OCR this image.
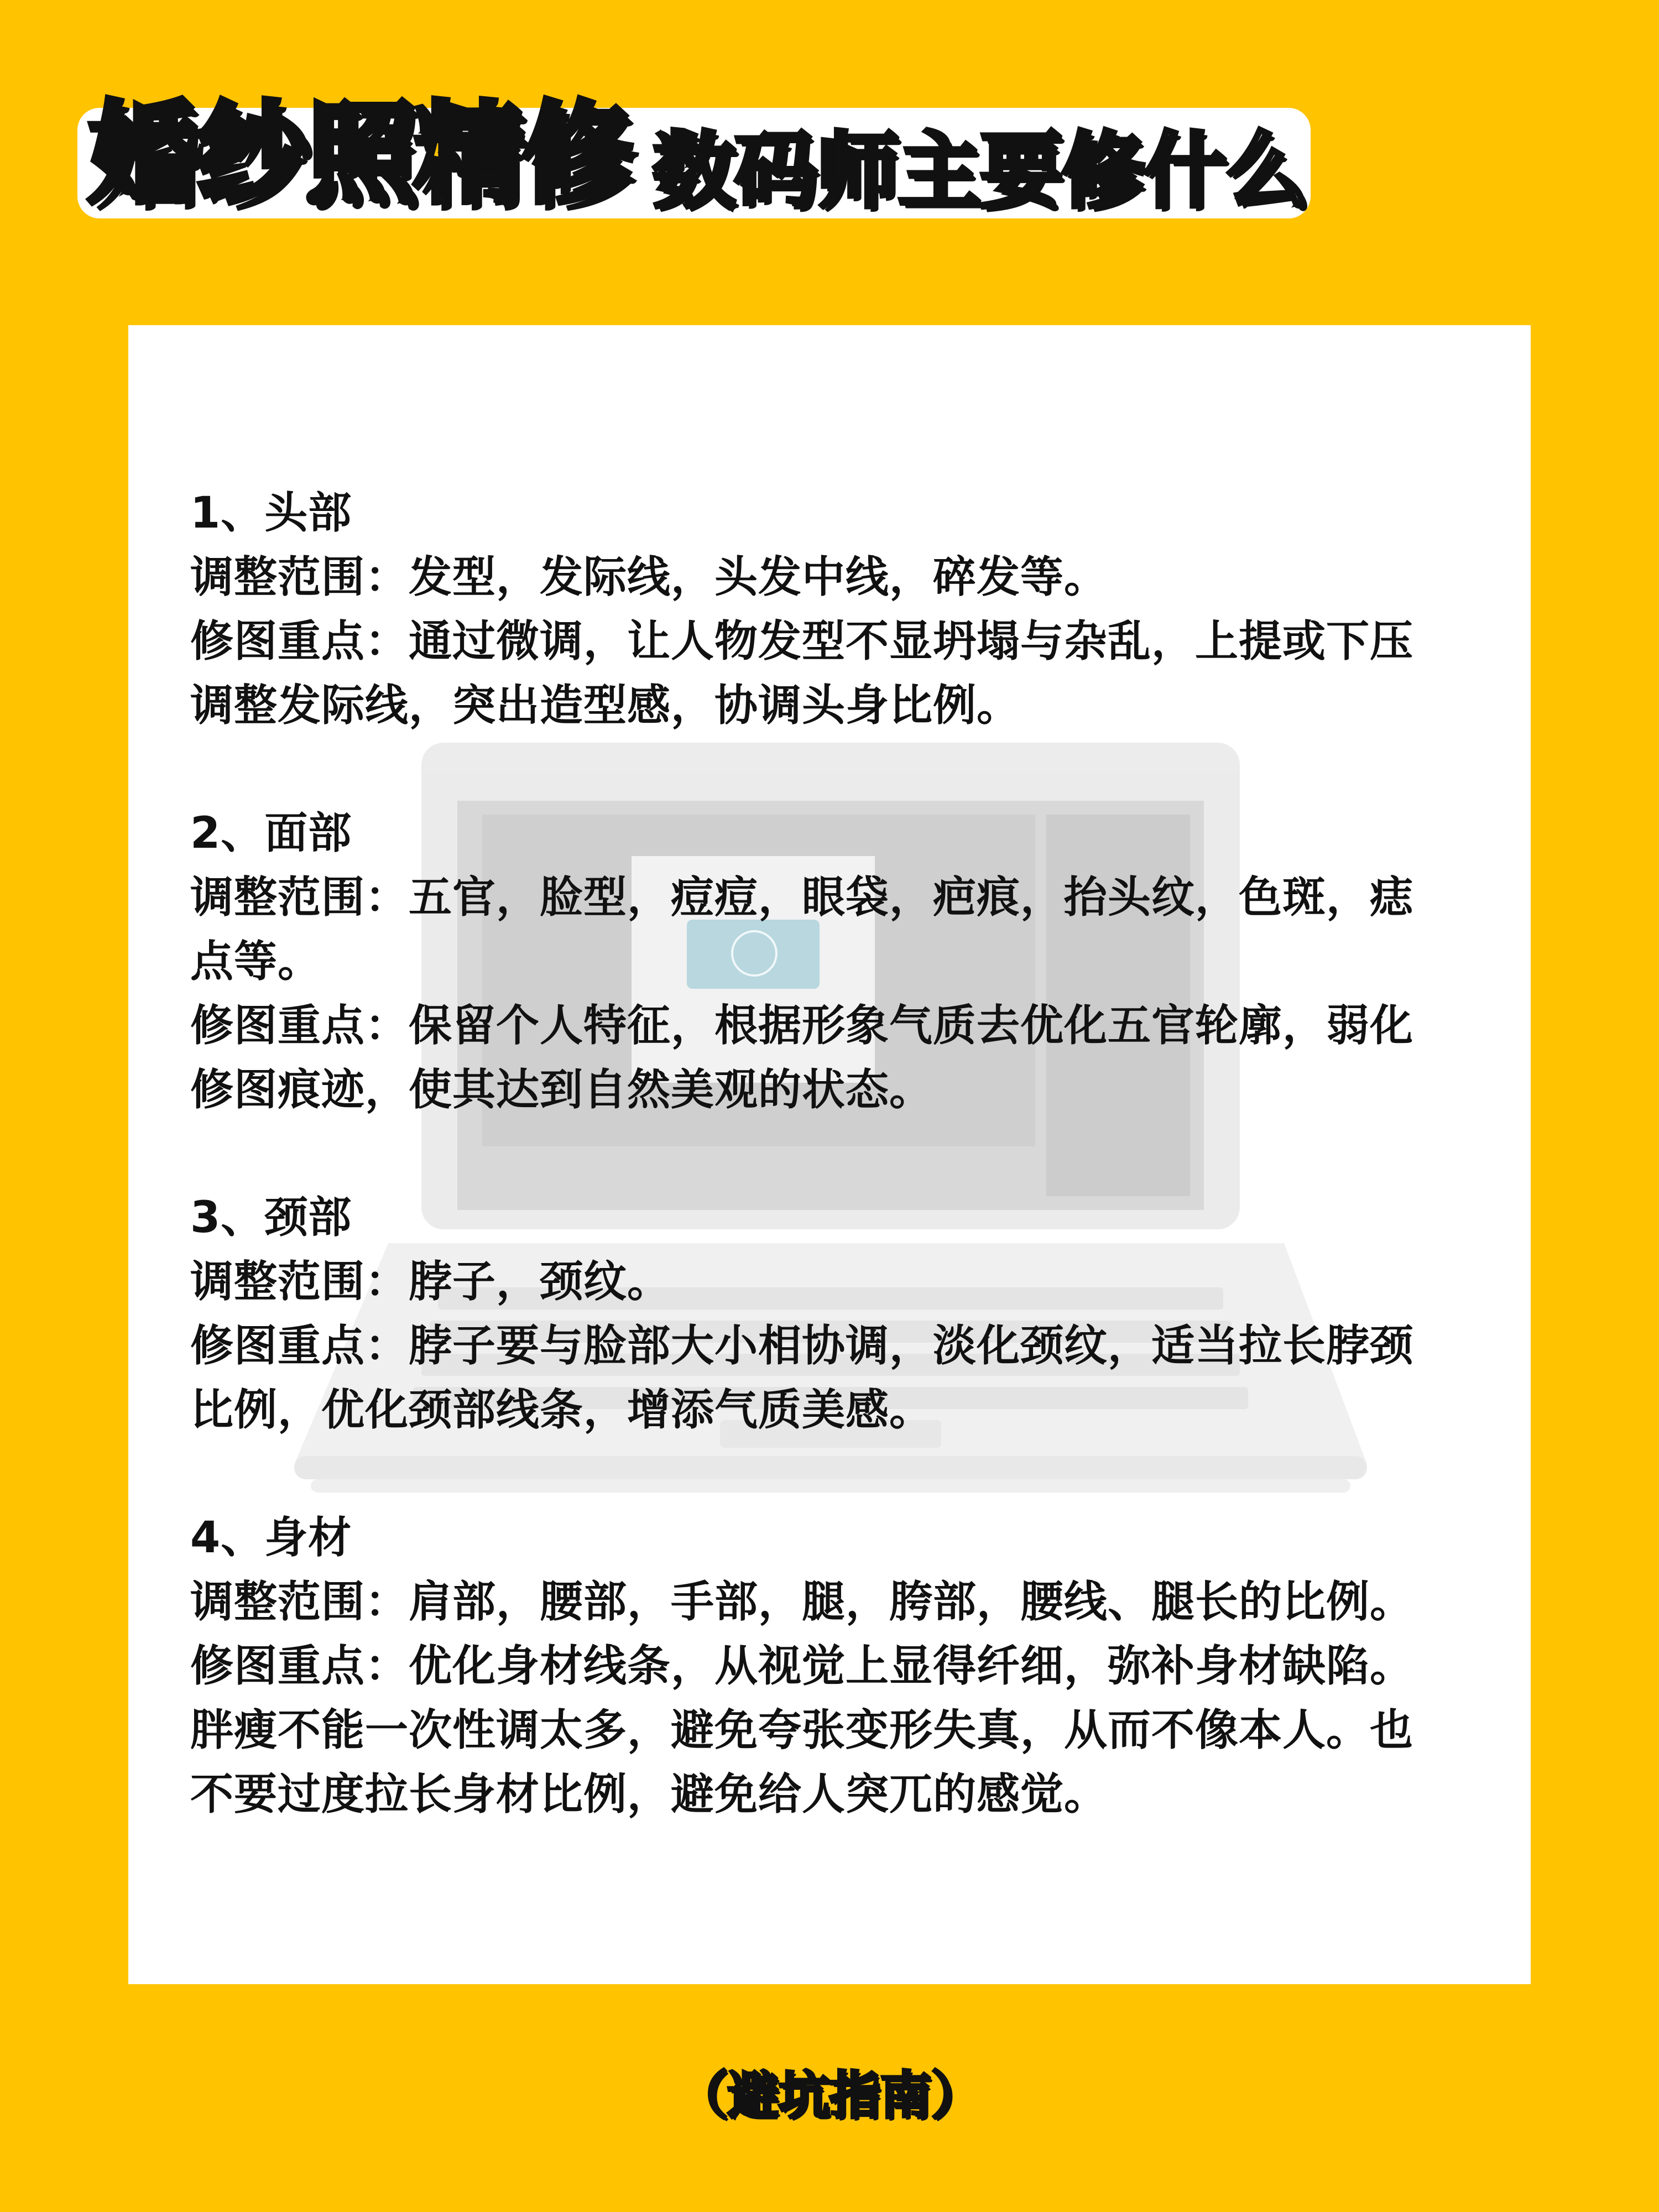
婚纱照精修 数码师主要修什么
1、头部
调整范围：发型，发际线，头发中线，碎发等。
修图重点：通过微调，让人物发型不显坍塌与杂乱，上提或下压
调整发际线，突出造型感，协调头身比例。
2、面部
调整范围：五官，脸型，痘痘，眼袋，疤痕，抬头纹，色斑，痣
点等。
修图重点：保留个人特征，根据形象气质去优化五官轮廓，弱化
修图痕迹，使其达到自然美观的状态。
3、颈部
调整范围：脖子，颈纹。
修图重点：脖子要与脸部大小相协调，淡化颈纹，适当拉长脖颈
比例，优化颈部线条，增添气质美感。
4、身材
调整范围：肩部，腰部，手部，腿，胯部，腰线、腿长的比例。
修图重点：优化身材线条，从视觉上显得纤细，弥补身材缺陷。
胖瘦不能一次性调太多，避免夸张变形失真，从而不像本人。也
不要过度拉长身材比例，避免给人突兀的感觉。
（避坑指南）
